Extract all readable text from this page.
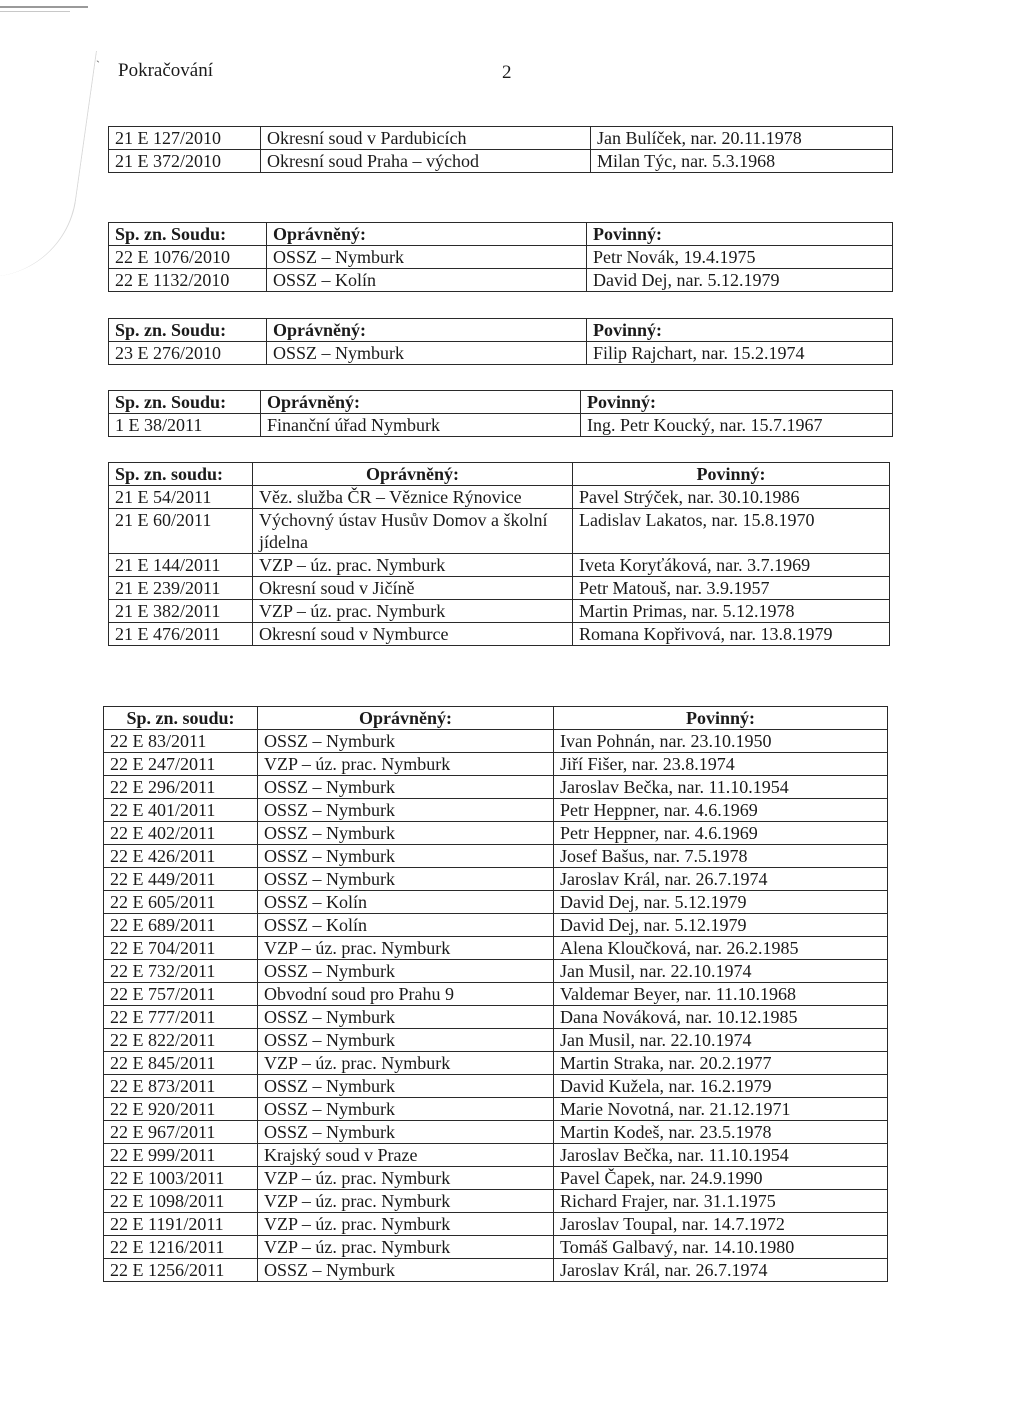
ˋ Pokračování	2
21 E 127/2010	Okresní soud v Pardubicích	Jan Bulíček, nar. 20.11.1978
21 E 372/2010	Okresní soud Praha – východ	Milan Týc, nar. 5.3.1968
Sp. zn. Soudu:	Oprávněný:	Povinný:
22 E 1076/2010	OSSZ – Nymburk	Petr Novák, 19.4.1975
22 E 1132/2010	OSSZ – Kolín	David Dej, nar. 5.12.1979
Sp. zn. Soudu:	Oprávněný:	Povinný:
23 E 276/2010	OSSZ – Nymburk	Filip Rajchart, nar. 15.2.1974
Sp. zn. Soudu:	Oprávněný:	Povinný:
1 E 38/2011	Finanční úřad Nymburk	Ing. Petr Koucký, nar. 15.7.1967
Sp. zn. soudu:	Oprávněný:	Povinný:
21 E 54/2011	Věz. služba ČR – Věznice Rýnovice	Pavel Strýček, nar. 30.10.1986
21 E 60/2011	Výchovný ústav Husův Domov a školní jídelna	Ladislav Lakatos, nar. 15.8.1970
21 E 144/2011	VZP – úz. prac. Nymburk	Iveta Koryťáková, nar. 3.7.1969
21 E 239/2011	Okresní soud v Jičíně	Petr Matouš, nar. 3.9.1957
21 E 382/2011	VZP – úz. prac. Nymburk	Martin Primas, nar. 5.12.1978
21 E 476/2011	Okresní soud v Nymburce	Romana Kopřivová, nar. 13.8.1979
Sp. zn. soudu:	Oprávněný:	Povinný:
22 E 83/2011	OSSZ – Nymburk	Ivan Pohnán, nar. 23.10.1950
22 E 247/2011	VZP – úz. prac. Nymburk	Jiří Fišer, nar. 23.8.1974
22 E 296/2011	OSSZ – Nymburk	Jaroslav Bečka, nar. 11.10.1954
22 E 401/2011	OSSZ – Nymburk	Petr Heppner, nar. 4.6.1969
22 E 402/2011	OSSZ – Nymburk	Petr Heppner, nar. 4.6.1969
22 E 426/2011	OSSZ – Nymburk	Josef Bašus, nar. 7.5.1978
22 E 449/2011	OSSZ – Nymburk	Jaroslav Král, nar. 26.7.1974
22 E 605/2011	OSSZ – Kolín	David Dej, nar. 5.12.1979
22 E 689/2011	OSSZ – Kolín	David Dej, nar. 5.12.1979
22 E 704/2011	VZP – úz. prac. Nymburk	Alena Kloučková, nar. 26.2.1985
22 E 732/2011	OSSZ – Nymburk	Jan Musil, nar. 22.10.1974
22 E 757/2011	Obvodní soud pro Prahu 9	Valdemar Beyer, nar. 11.10.1968
22 E 777/2011	OSSZ – Nymburk	Dana Nováková, nar. 10.12.1985
22 E 822/2011	OSSZ – Nymburk	Jan Musil, nar. 22.10.1974
22 E 845/2011	VZP – úz. prac. Nymburk	Martin Straka, nar. 20.2.1977
22 E 873/2011	OSSZ – Nymburk	David Kužela, nar. 16.2.1979
22 E 920/2011	OSSZ – Nymburk	Marie Novotná, nar. 21.12.1971
22 E 967/2011	OSSZ – Nymburk	Martin Kodeš, nar. 23.5.1978
22 E 999/2011	Krajský soud v Praze	Jaroslav Bečka, nar. 11.10.1954
22 E 1003/2011	VZP – úz. prac. Nymburk	Pavel Čapek, nar. 24.9.1990
22 E 1098/2011	VZP – úz. prac. Nymburk	Richard Frajer, nar. 31.1.1975
22 E 1191/2011	VZP – úz. prac. Nymburk	Jaroslav Toupal, nar. 14.7.1972
22 E 1216/2011	VZP – úz. prac. Nymburk	Tomáš Galbavý, nar. 14.10.1980
22 E 1256/2011	OSSZ – Nymburk	Jaroslav Král, nar. 26.7.1974
